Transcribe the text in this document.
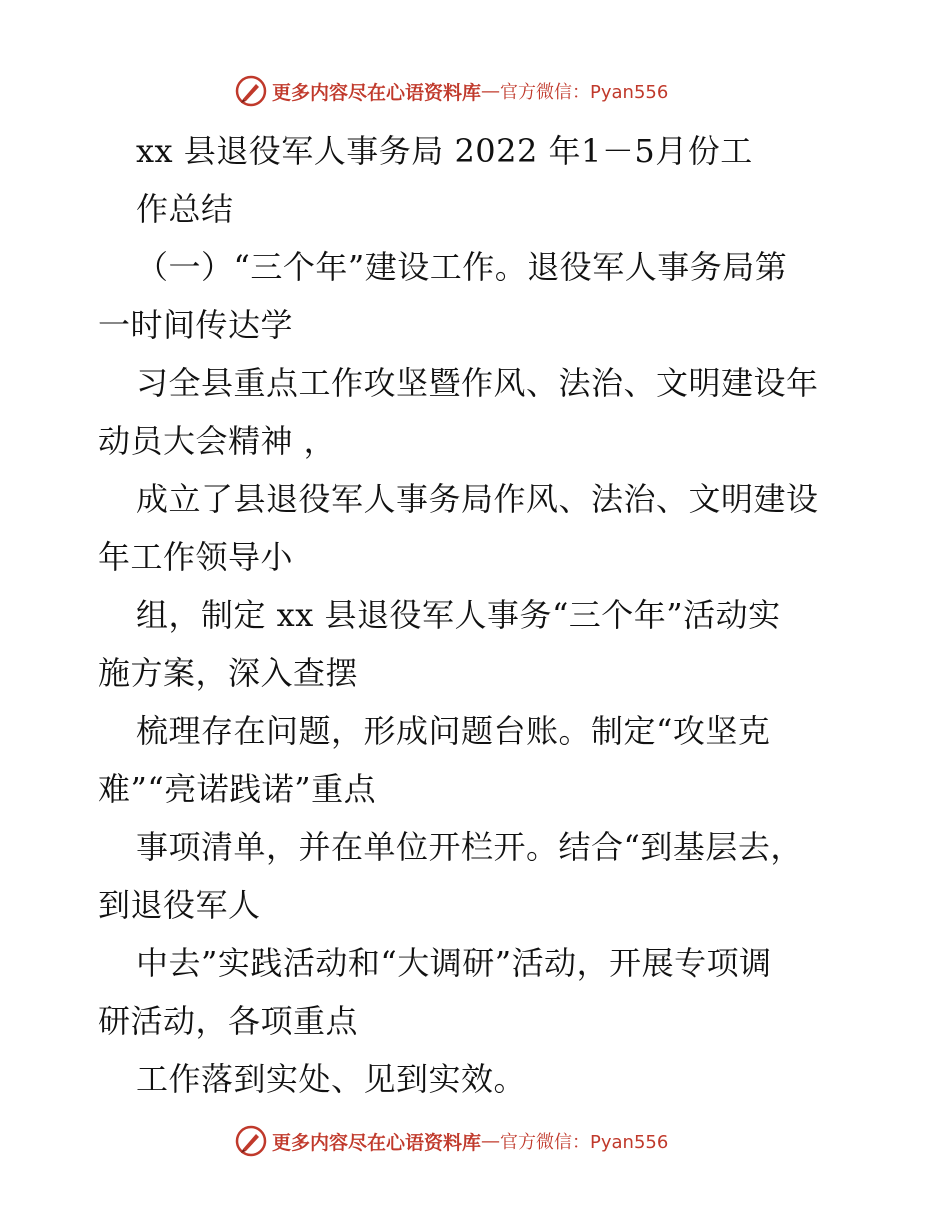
更多内容尽在心语资料库 — 官方微信：Pyan556
xx 县退役军人事务局 2022 年1－5月份工
作总结
（一）“三个年”建设工作。退役军人事务局第
一时间传达学
习全县重点工作攻坚暨作风、法治、文明建设年
动员大会精神 ，
成立了县退役军人事务局作风、法治、文明建设
年工作领导小
组，制定 xx 县退役军人事务“三个年”活动实
施方案，深入查摆
梳理存在问题，形成问题台账。制定“攻坚克
难”“亮诺践诺”重点
事项清单，并在单位开栏开。结合“到基层去，
到退役军人
中去”实践活动和“大调研”活动，开展专项调
研活动，各项重点
工作落到实处、见到实效。
更多内容尽在心语资料库 — 官方微信：Pyan556
